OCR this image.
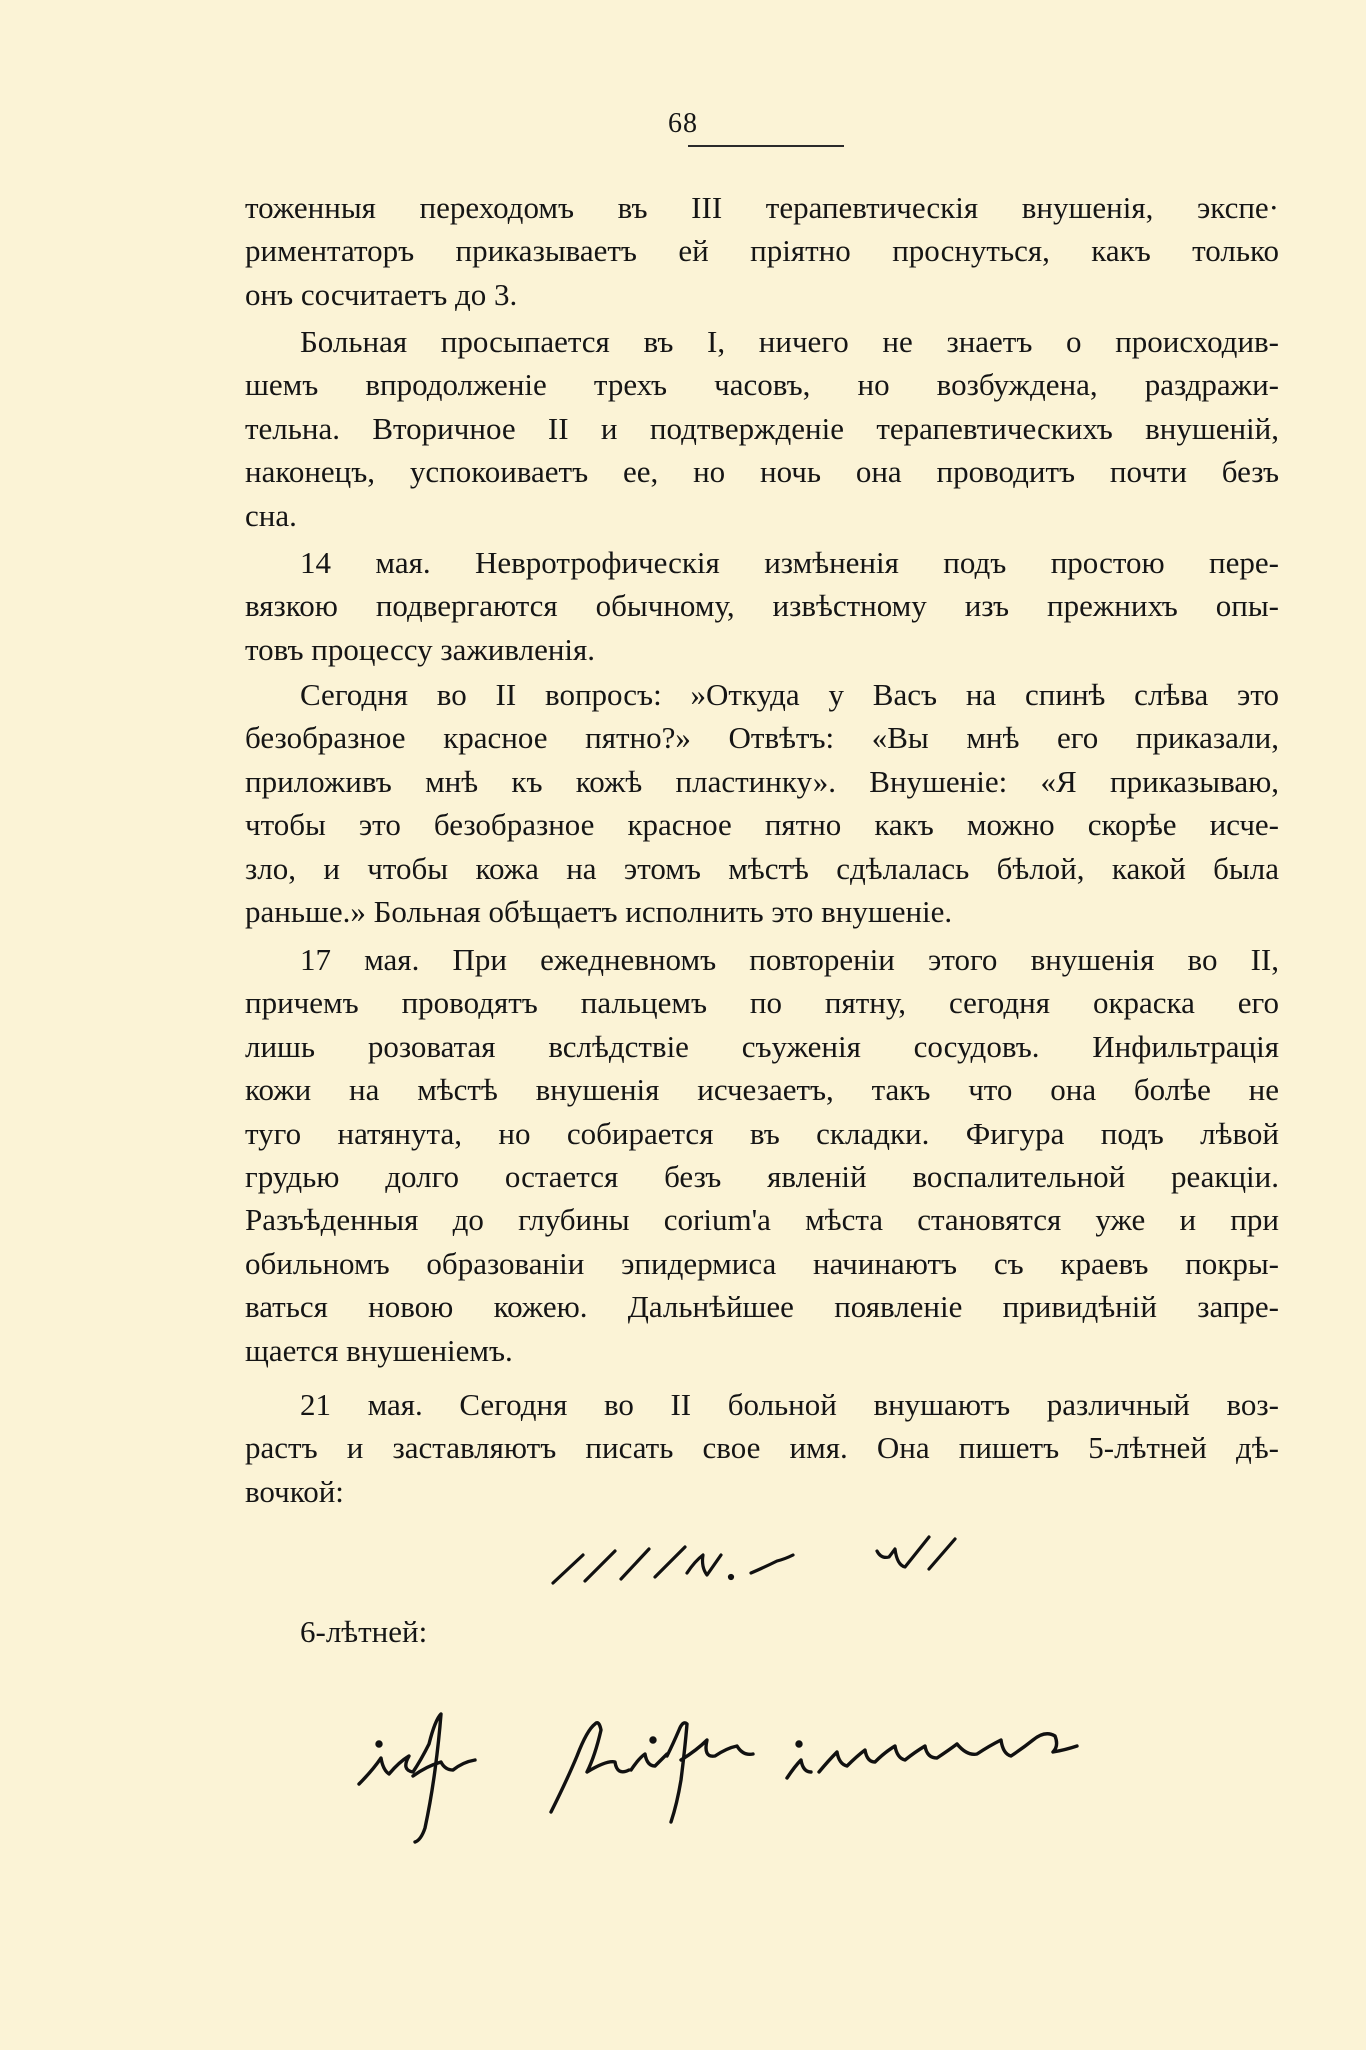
68
тоженныя переходомъ въ III терапевтическія внушенія, экспе·
риментаторъ приказываетъ ей пріятно проснуться, какъ только
онъ сосчитаетъ до 3.
Больная просыпается въ I, ничего не знаетъ о происходив-
шемъ впродолженіе трехъ часовъ, но возбуждена, раздражи-
тельна. Вторичное II и подтвержденіе терапевтическихъ внушеній,
наконецъ, успокоиваетъ ее, но ночь она проводитъ почти безъ
сна.
14 мая. Невротрофическія измѣненія подъ простою пере-
вязкою подвергаются обычному, извѣстному изъ прежнихъ опы-
товъ процессу заживленія.
Сегодня во II вопросъ: »Откуда у Васъ на спинѣ слѣва это
безобразное красное пятно?» Отвѣтъ: «Вы мнѣ его приказали,
приложивъ мнѣ къ кожѣ пластинку». Внушеніе: «Я приказываю,
чтобы это безобразное красное пятно какъ можно скорѣе исче-
зло, и чтобы кожа на этомъ мѣстѣ сдѣлалась бѣлой, какой была
раньше.» Больная обѣщаетъ исполнить это внушеніе.
17 мая. При ежедневномъ повтореніи этого внушенія во II,
причемъ проводятъ пальцемъ по пятну, сегодня окраска его
лишь розоватая вслѣдствіе съуженія сосудовъ. Инфильтрація
кожи на мѣстѣ внушенія исчезаетъ, такъ что она болѣе не
туго натянута, но собирается въ складки. Фигура подъ лѣвой
грудью долго остается безъ явленій воспалительной реакціи.
Разъѣденныя до глубины corium'а мѣста становятся уже и при
обильномъ образованіи эпидермиса начинаютъ съ краевъ покры-
ваться новою кожею. Дальнѣйшее появленіе привидѣній запре-
щается внушеніемъ.
21 мая. Сегодня во II больной внушаютъ различный воз-
растъ и заставляютъ писать свое имя. Она пишетъ 5-лѣтней дѣ-
вочкой:
6-лѣтней:
